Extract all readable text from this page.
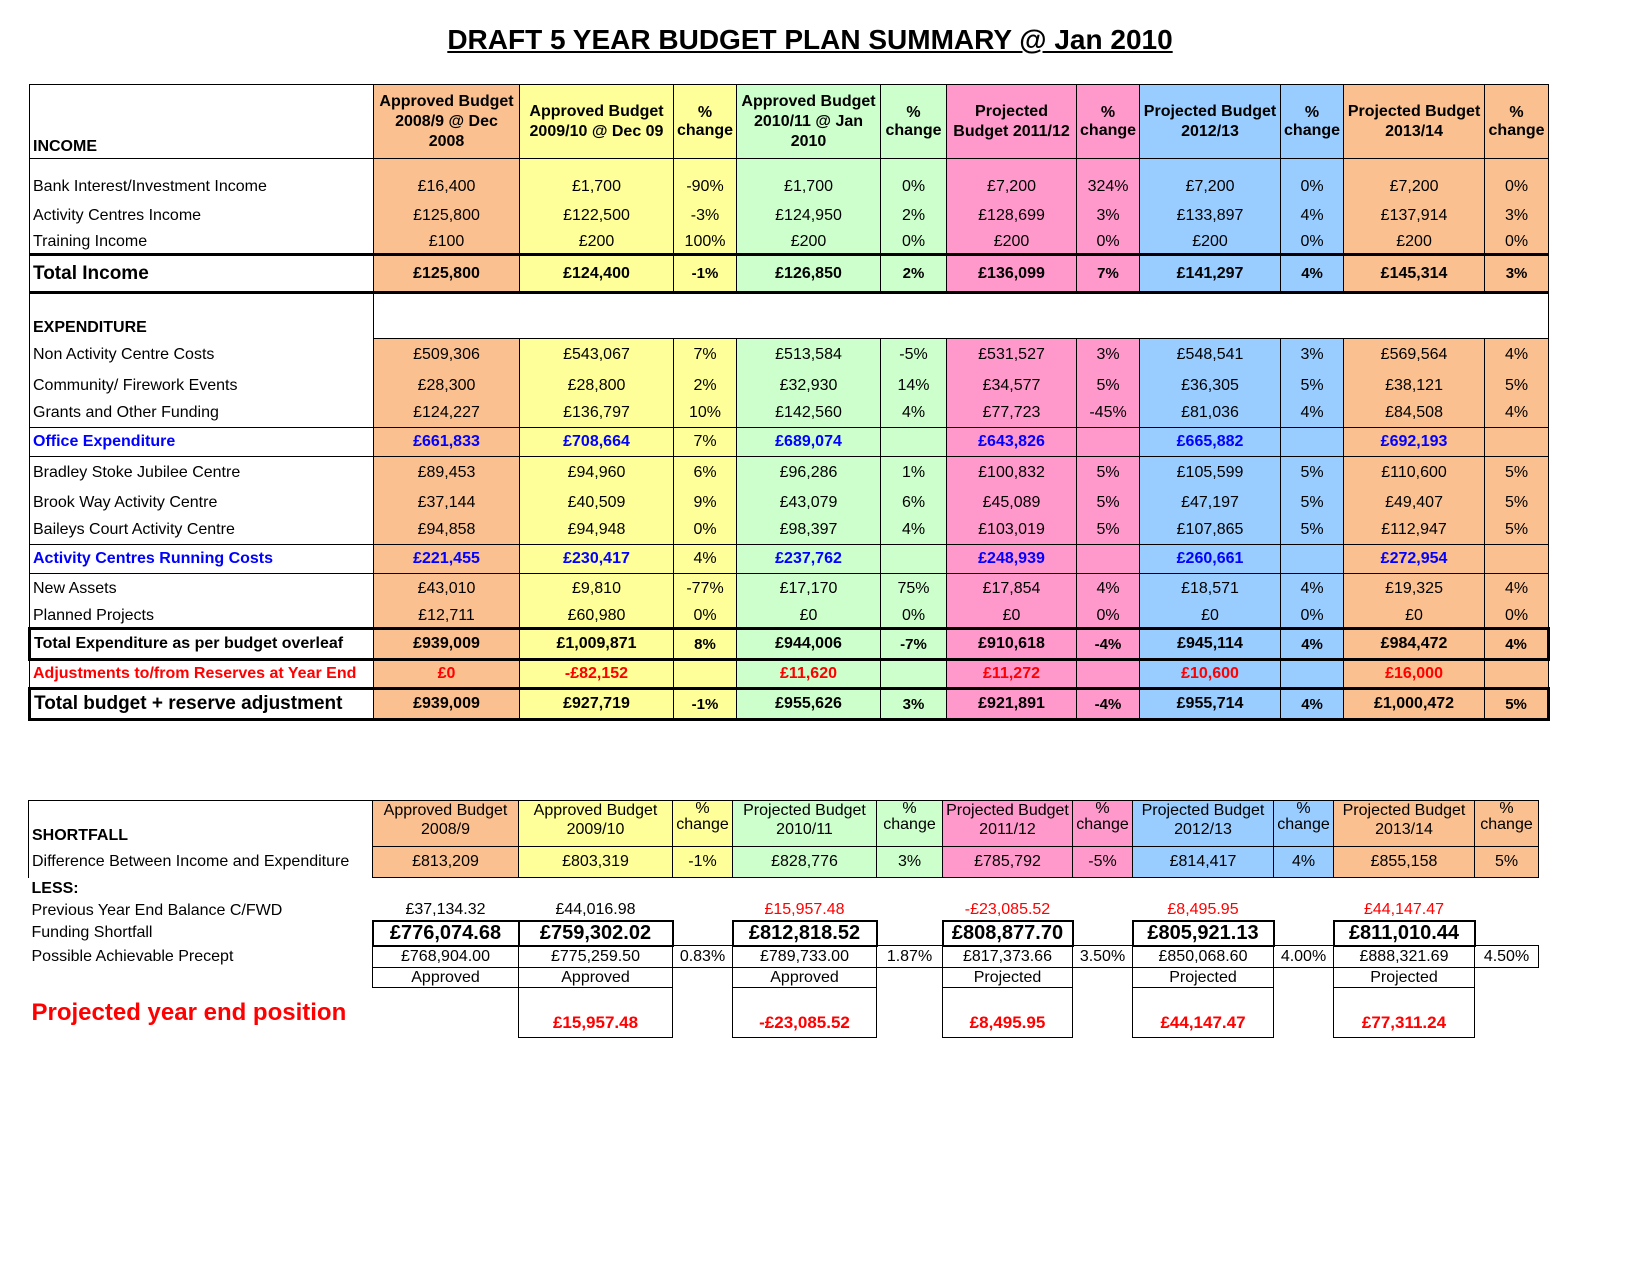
DRAFT 5 YEAR BUDGET PLAN SUMMARY @ Jan 2010
INCOME	Approved Budget 2008/9 @ Dec 2008	Approved Budget 2009/10 @ Dec 09	% change	Approved Budget 2010/11 @ Jan 2010	% change	Projected Budget 2011/12	% change	Projected Budget 2012/13	% change	Projected Budget 2013/14	% change

Bank Interest/Investment Income	£16,400	£1,700	-90%	£1,700	0%	£7,200	324%	£7,200	0%	£7,200	0%
Activity Centres Income	£125,800	£122,500	-3%	£124,950	2%	£128,699	3%	£133,897	4%	£137,914	3%
Training Income	£100	£200	100%	£200	0%	£200	0%	£200	0%	£200	0%
Total Income	£125,800	£124,400	-1%	£126,850	2%	£136,099	7%	£141,297	4%	£145,314	3%
EXPENDITURE											
Non Activity Centre Costs	£509,306	£543,067	7%	£513,584	-5%	£531,527	3%	£548,541	3%	£569,564	4%
Community/ Firework Events	£28,300	£28,800	2%	£32,930	14%	£34,577	5%	£36,305	5%	£38,121	5%
Grants and Other Funding	£124,227	£136,797	10%	£142,560	4%	£77,723	-45%	£81,036	4%	£84,508	4%
Office Expenditure	£661,833	£708,664	7%	£689,074		£643,826		£665,882		£692,193	
Bradley Stoke Jubilee Centre	£89,453	£94,960	6%	£96,286	1%	£100,832	5%	£105,599	5%	£110,600	5%
Brook Way Activity Centre	£37,144	£40,509	9%	£43,079	6%	£45,089	5%	£47,197	5%	£49,407	5%
Baileys Court Activity Centre	£94,858	£94,948	0%	£98,397	4%	£103,019	5%	£107,865	5%	£112,947	5%
Activity Centres Running Costs	£221,455	£230,417	4%	£237,762		£248,939		£260,661		£272,954	
New Assets	£43,010	£9,810	-77%	£17,170	75%	£17,854	4%	£18,571	4%	£19,325	4%
Planned Projects	£12,711	£60,980	0%	£0	0%	£0	0%	£0	0%	£0	0%
Total Expenditure as per budget overleaf	£939,009	£1,009,871	8%	£944,006	-7%	£910,618	-4%	£945,114	4%	£984,472	4%
Adjustments to/from Reserves at Year End	£0	-£82,152		£11,620		£11,272		£10,600		£16,000	
Total budget + reserve adjustment	£939,009	£927,719	-1%	£955,626	3%	£921,891	-4%	£955,714	4%	£1,000,472	5%
SHORTFALL	Approved Budget 2008/9	Approved Budget 2009/10	% change	Projected Budget 2010/11	% change	Projected Budget 2011/12	% change	Projected Budget 2012/13	% change	Projected Budget 2013/14	% change
Difference Between Income and Expenditure	£813,209	£803,319	-1%	£828,776	3%	£785,792	-5%	£814,417	4%	£855,158	5%
LESS:											
Previous Year End Balance C/FWD	£37,134.32	£44,016.98		£15,957.48		-£23,085.52		£8,495.95		£44,147.47	
Funding Shortfall	£776,074.68	£759,302.02		£812,818.52		£808,877.70		£805,921.13		£811,010.44	
Possible Achievable Precept	£768,904.00	£775,259.50	0.83%	£789,733.00	1.87%	£817,373.66	3.50%	£850,068.60	4.00%	£888,321.69	4.50%
	Approved	Approved		Approved		Projected		Projected		Projected	
Projected year end position		£15,957.48		-£23,085.52		£8,495.95		£44,147.47		£77,311.24	
